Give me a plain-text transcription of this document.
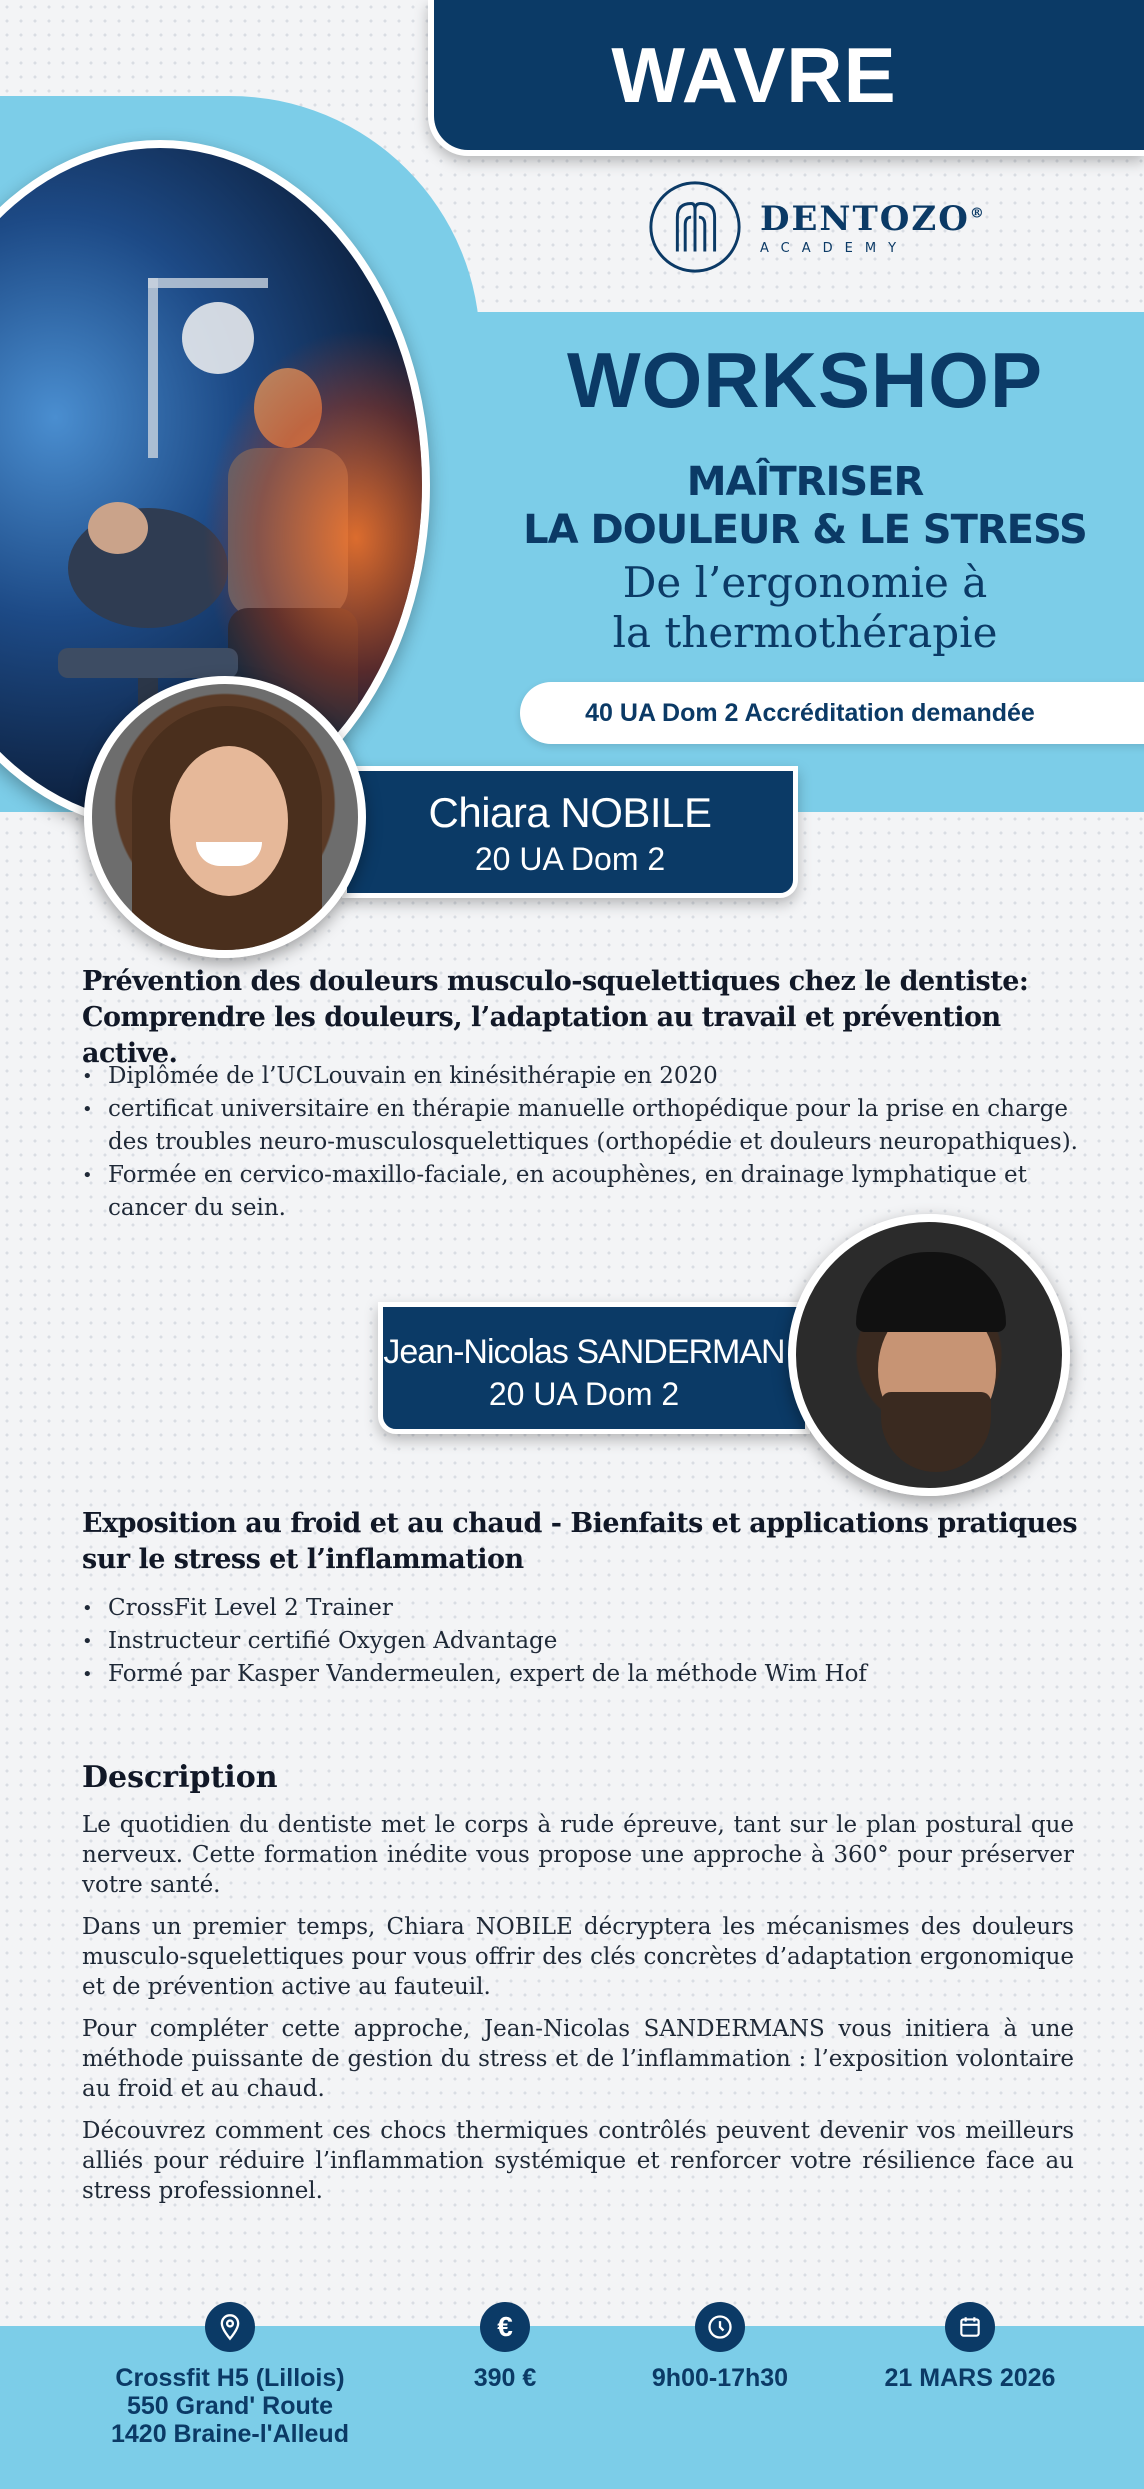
WAVRE
DENTOZO®
ACADEMY
WORKSHOP
MAÎTRISER
LA DOULEUR & LE STRESS
De l’ergonomie à
la thermothérapie
40 UA Dom 2 Accréditation demandée
Chiara NOBILE
20 UA Dom 2
Prévention des douleurs musculo-squelettiques chez le dentiste:
Comprendre les douleurs, l’adaptation au travail et prévention active.
• Diplômée de l’UCLouvain en kinésithérapie en 2020
• certificat universitaire en thérapie manuelle orthopédique pour la prise en charge des troubles neuro-musculosquelettiques (orthopédie et douleurs neuropathiques).
• Formée en cervico-maxillo-faciale, en acouphènes, en drainage lymphatique et cancer du sein.
Jean-Nicolas SANDERMAN
20 UA Dom 2
Exposition au froid et au chaud - Bienfaits et applications pratiques
sur le stress et l’inflammation
• CrossFit Level 2 Trainer
• Instructeur certifié Oxygen Advantage
• Formé par Kasper Vandermeulen, expert de la méthode Wim Hof
Description

Le quotidien du dentiste met le corps à rude épreuve, tant sur le plan postural que nerveux. Cette formation inédite vous propose une approche à 360° pour préserver votre santé.

Dans un premier temps, Chiara NOBILE décryptera les mécanismes des douleurs musculo-squelettiques pour vous offrir des clés concrètes d’adaptation ergonomique et de prévention active au fauteuil.

Pour compléter cette approche, Jean-Nicolas SANDERMANS vous initiera à une méthode puissante de gestion du stress et de l’inflammation : l’exposition volontaire au froid et au chaud.

Découvrez comment ces chocs thermiques contrôlés peuvent devenir vos meilleurs alliés pour réduire l’inflammation systémique et renforcer votre résilience face au stress professionnel.

Crossfit H5 (Lillois)
550 Grand' Route
1420 Braine-l'Alleud
€
390 €	9h00-17h30	21 MARS 2026
